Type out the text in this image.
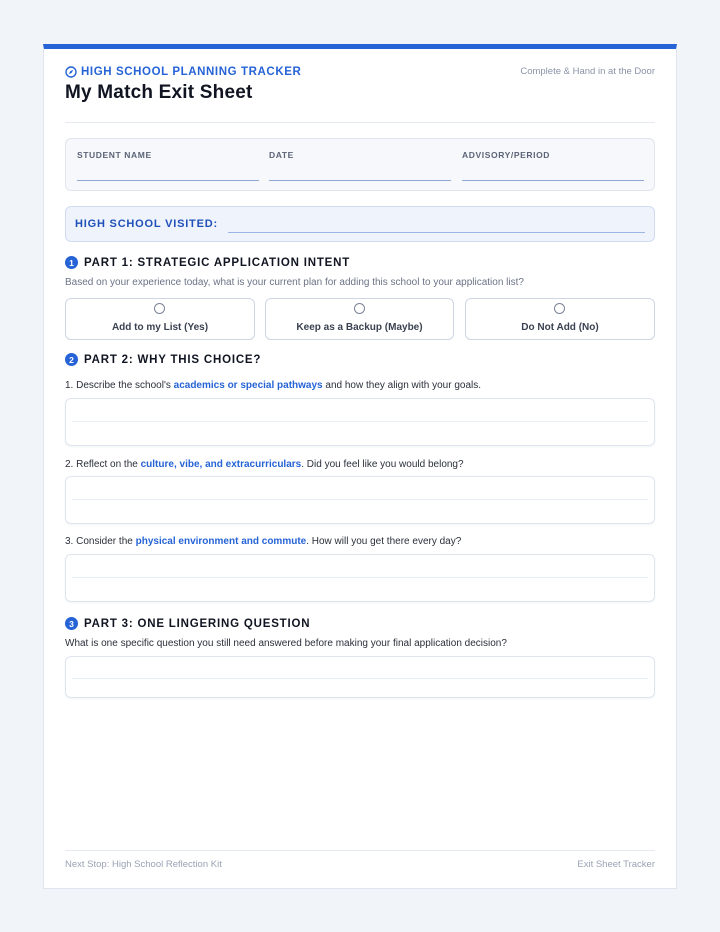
HIGH SCHOOL PLANNING TRACKER	Complete & Hand in at the Door
My Match Exit Sheet
STUDENT NAME	DATE	ADVISORY/PERIOD
HIGH SCHOOL VISITED:
1 PART 1: STRATEGIC APPLICATION INTENT
Based on your experience today, what is your current plan for adding this school to your application list?
Add to my List (Yes)	Keep as a Backup (Maybe)	Do Not Add (No)
2 PART 2: WHY THIS CHOICE?
1. Describe the school's academics or special pathways and how they align with your goals.
2. Reflect on the culture, vibe, and extracurriculars. Did you feel like you would belong?
3. Consider the physical environment and commute. How will you get there every day?
3 PART 3: ONE LINGERING QUESTION
What is one specific question you still need answered before making your final application decision?
Next Stop: High School Reflection Kit	Exit Sheet Tracker
